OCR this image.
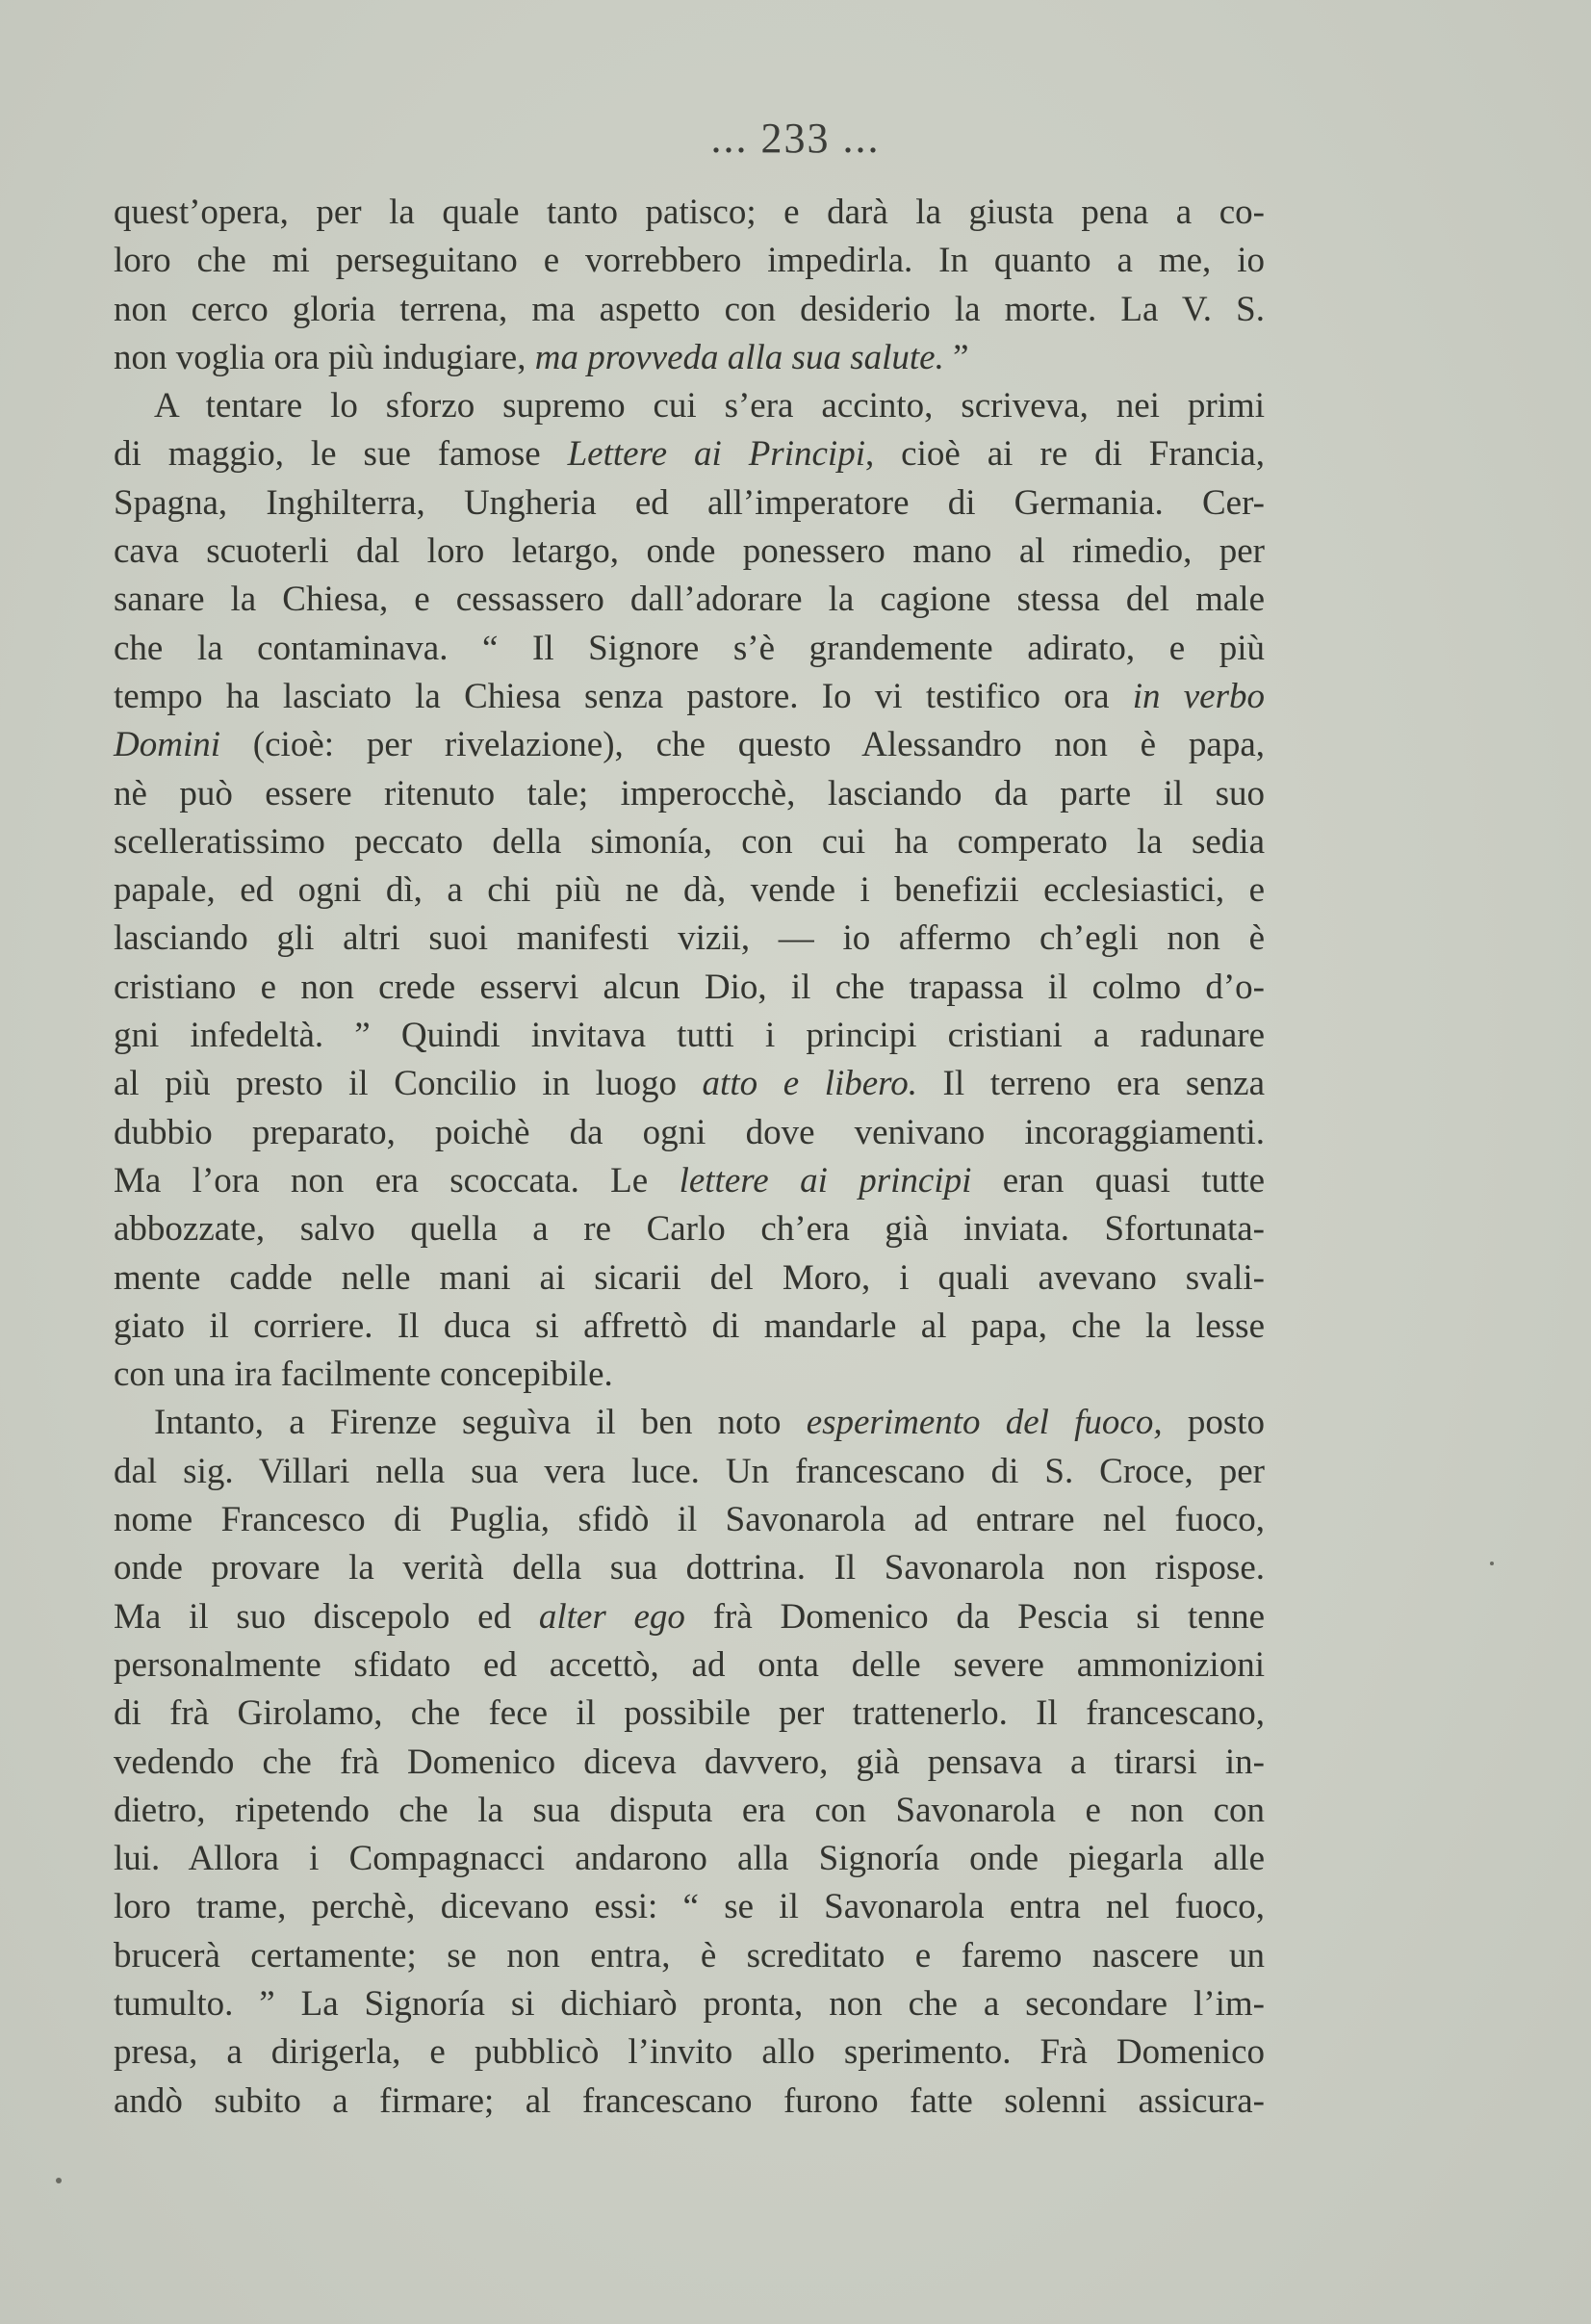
... 233 ...
quest’opera, per la quale tanto patisco; e darà la giusta pena a co-
loro che mi perseguitano e vorrebbero impedirla. In quanto a me, io
non cerco gloria terrena, ma aspetto con desiderio la morte. La V. S.
non voglia ora più indugiare, ma provveda alla sua salute. ”
A tentare lo sforzo supremo cui s’era accinto, scriveva, nei primi
di maggio, le sue famose Lettere ai Principi, cioè ai re di Francia,
Spagna, Inghilterra, Ungheria ed all’imperatore di Germania. Cer-
cava scuoterli dal loro letargo, onde ponessero mano al rimedio, per
sanare la Chiesa, e cessassero dall’adorare la cagione stessa del male
che la contaminava. “ Il Signore s’è grandemente adirato, e più
tempo ha lasciato la Chiesa senza pastore. Io vi testifico ora in verbo
Domini (cioè: per rivelazione), che questo Alessandro non è papa,
nè può essere ritenuto tale; imperocchè, lasciando da parte il suo
scelleratissimo peccato della simonía, con cui ha comperato la sedia
papale, ed ogni dì, a chi più ne dà, vende i benefizii ecclesiastici, e
lasciando gli altri suoi manifesti vizii, — io affermo ch’egli non è
cristiano e non crede esservi alcun Dio, il che trapassa il colmo d’o-
gni infedeltà. ” Quindi invitava tutti i principi cristiani a radunare
al più presto il Concilio in luogo atto e libero. Il terreno era senza
dubbio preparato, poichè da ogni dove venivano incoraggiamenti.
Ma l’ora non era scoccata. Le lettere ai principi eran quasi tutte
abbozzate, salvo quella a re Carlo ch’era già inviata. Sfortunata-
mente cadde nelle mani ai sicarii del Moro, i quali avevano svali-
giato il corriere. Il duca si affrettò di mandarle al papa, che la lesse
con una ira facilmente concepibile.
Intanto, a Firenze seguìva il ben noto esperimento del fuoco, posto
dal sig. Villari nella sua vera luce. Un francescano di S. Croce, per
nome Francesco di Puglia, sfidò il Savonarola ad entrare nel fuoco,
onde provare la verità della sua dottrina. Il Savonarola non rispose.
Ma il suo discepolo ed alter ego frà Domenico da Pescia si tenne
personalmente sfidato ed accettò, ad onta delle severe ammonizioni
di frà Girolamo, che fece il possibile per trattenerlo. Il francescano,
vedendo che frà Domenico diceva davvero, già pensava a tirarsi in-
dietro, ripetendo che la sua disputa era con Savonarola e non con
lui. Allora i Compagnacci andarono alla Signoría onde piegarla alle
loro trame, perchè, dicevano essi: “ se il Savonarola entra nel fuoco,
brucerà certamente; se non entra, è screditato e faremo nascere un
tumulto. ” La Signoría si dichiarò pronta, non che a secondare l’im-
presa, a dirigerla, e pubblicò l’invito allo sperimento. Frà Domenico
andò subito a firmare; al francescano furono fatte solenni assicura-
